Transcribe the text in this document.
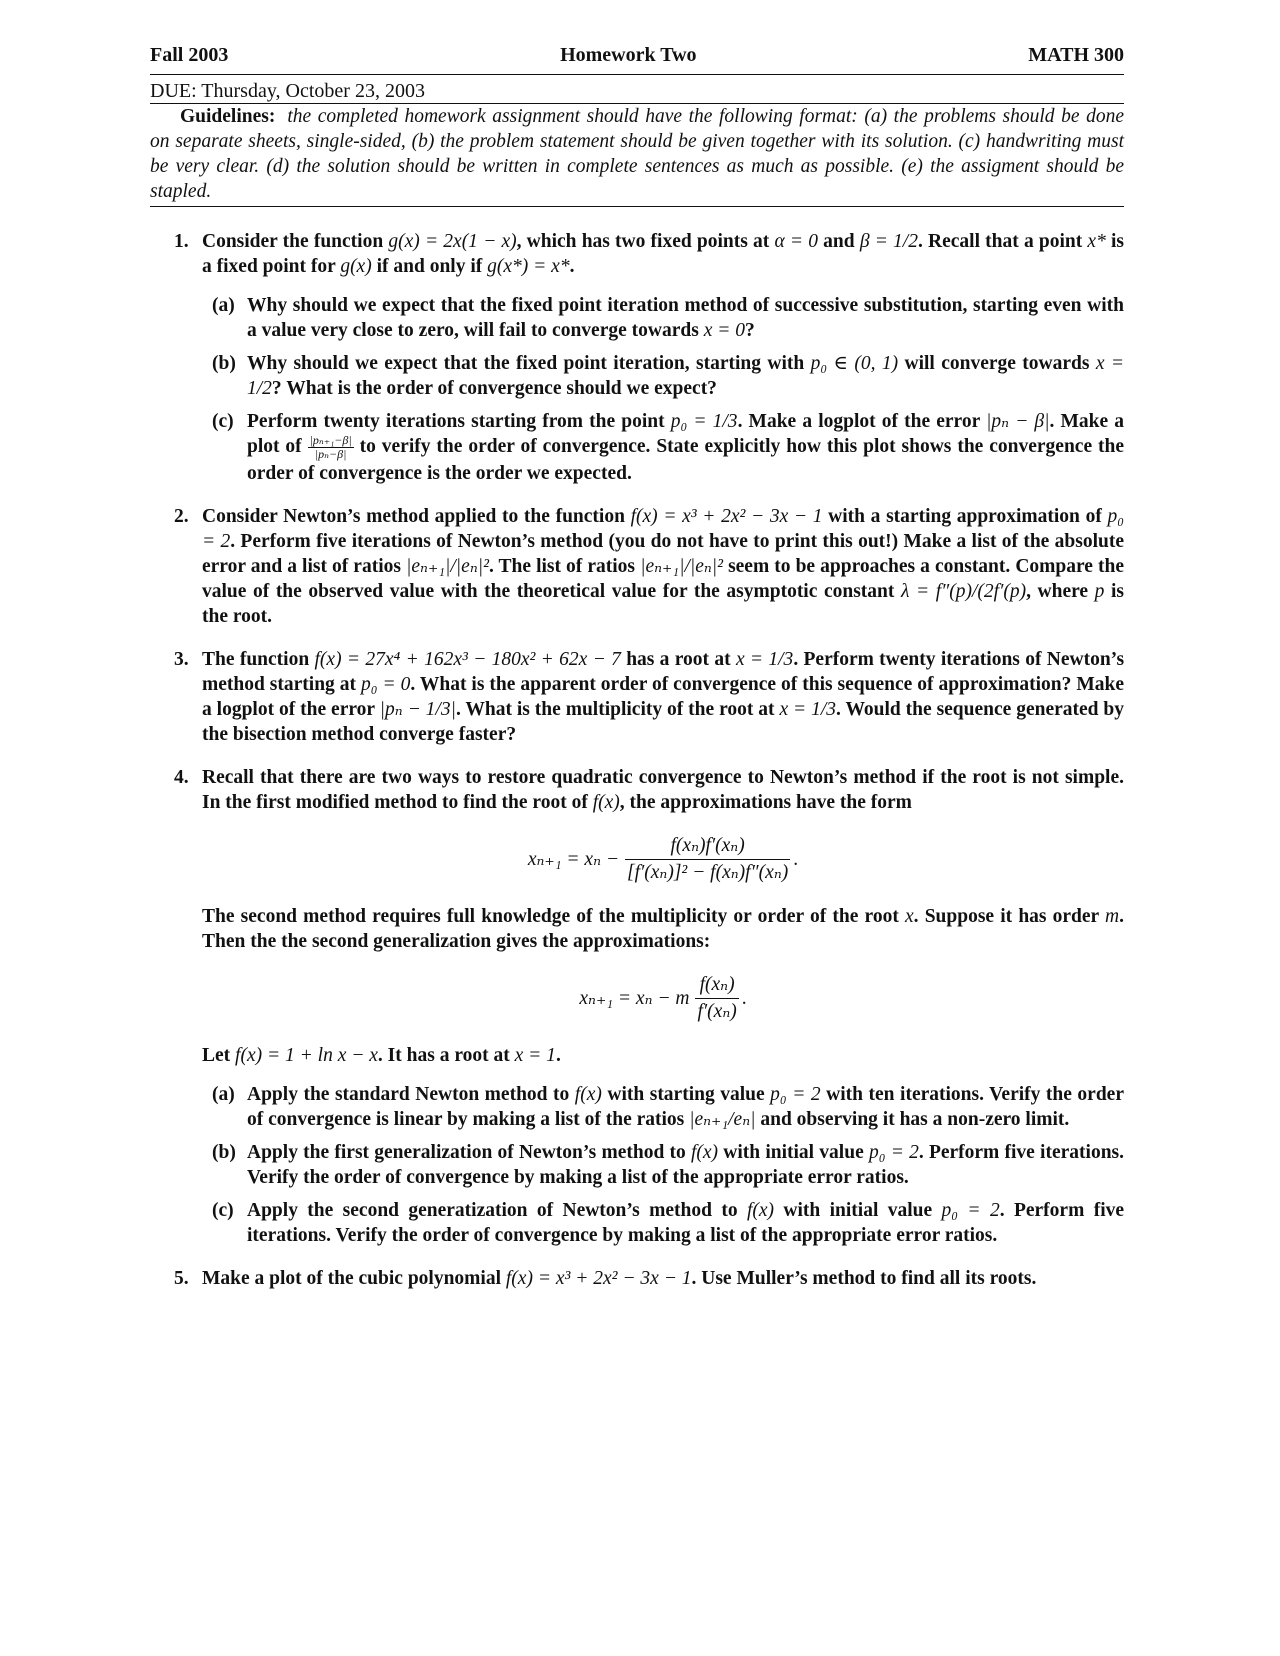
Fall 2003	Homework Two	MATH 300
DUE: Thursday, October 23, 2003
Guidelines: the completed homework assignment should have the following format: (a) the problems should be done on separate sheets, single-sided, (b) the problem statement should be given together with its solution. (c) handwriting must be very clear. (d) the solution should be written in complete sentences as much as possible. (e) the assigment should be stapled.
1. Consider the function g(x) = 2x(1 − x), which has two fixed points at α = 0 and β = 1/2. Recall that a point x* is a fixed point for g(x) if and only if g(x*) = x*.
(a) Why should we expect that the fixed point iteration method of successive substitution, starting even with a value very close to zero, will fail to converge towards x = 0?
(b) Why should we expect that the fixed point iteration, starting with p₀ ∈ (0, 1) will converge towards x = 1/2? What is the order of convergence should we expect?
(c) Perform twenty iterations starting from the point p₀ = 1/3. Make a logplot of the error |pₙ − β|. Make a plot of $\frac{\text{|pₙ₊₁−β|}}{\text{|pₙ−β|}}$ to verify the order of convergence. State explicitly how this plot shows the convergence the order of convergence is the order we expected.
2. Consider Newton’s method applied to the function f(x) = x³ + 2x² − 3x − 1 with a starting approximation of p₀ = 2. Perform five iterations of Newton’s method (you do not have to print this out!) Make a list of the absolute error and a list of ratios |eₙ₊₁|/|eₙ|². The list of ratios |eₙ₊₁|/|eₙ|² seem to be approaches a constant. Compare the value of the observed value with the theoretical value for the asymptotic constant λ = f″(p)/(2f′(p), where p is the root.
3. The function f(x) = 27x⁴ + 162x³ − 180x² + 62x − 7 has a root at x = 1/3. Perform twenty iterations of Newton’s method starting at p₀ = 0. What is the apparent order of convergence of this sequence of approximation? Make a logplot of the error |pₙ − 1/3|. What is the multiplicity of the root at x = 1/3. Would the sequence generated by the bisection method converge faster?
4. Recall that there are two ways to restore quadratic convergence to Newton’s method if the root is not simple. In the first modified method to find the root of f(x), the approximations have the form
$x_{n+1} = x_n - \frac{\text{f(xₙ)f′(xₙ)}}{\text{[f′(xₙ)]² − f(xₙ)f″(xₙ)}}$ .
The second method requires full knowledge of the multiplicity or order of the root x. Suppose it has order m. Then the the second generalization gives the approximations:
xₙ₊₁ = xₙ − m $\frac{\text{f(xₙ)}}{\text{f′(xₙ)}}$ .
Let f(x) = 1 + ln x − x. It has a root at x = 1.
(a) Apply the standard Newton method to f(x) with starting value p₀ = 2 with ten iterations. Verify the order of convergence is linear by making a list of the ratios |eₙ₊₁/eₙ| and observing it has a non-zero limit.
(b) Apply the first generalization of Newton’s method to f(x) with initial value p₀ = 2. Perform five iterations. Verify the order of convergence by making a list of the appropriate error ratios.
(c) Apply the second generatization of Newton’s method to f(x) with initial value p₀ = 2. Perform five iterations. Verify the order of convergence by making a list of the appropriate error ratios.
5. Make a plot of the cubic polynomial f(x) = x³ + 2x² − 3x − 1. Use Muller’s method to find all its roots.
